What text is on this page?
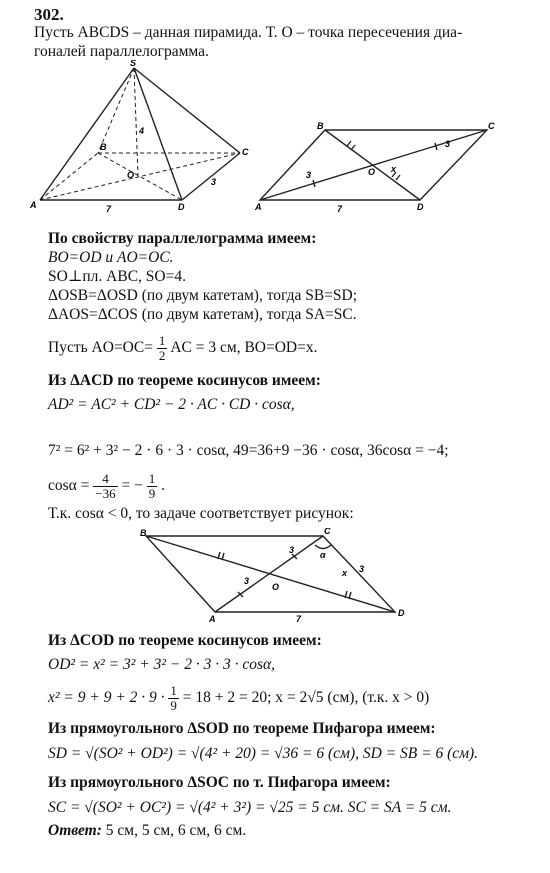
302.
Пусть ABCDS – данная пирамида. Т. O – точка пересечения диа-
гоналей параллелограмма.
S
A
B	C
D
O
4
7
3
B	C
A	D
O
3
3
x
7
По свойству параллелограмма имеем:
BO=OD и AO=OC.
SO⊥пл. ABC, SO=4.
ΔOSB=ΔOSD (по двум катетам), тогда SB=SD;
ΔAOS=ΔCOS (по двум катетам), тогда SA=SC.
Пусть $AO=OC= \frac{1}{2}$ AC = 3 см, BO=OD=x.
Из ΔACD по теореме косинусов имеем:
AD² = AC² + CD² − 2 · AC · CD · cosα,
7² = 6² + 3² − 2 · 6 · 3 · cosα, 49=36+9 −36 · cosα, 36cosα = −4;
$\cos\alpha = \frac{4}{-36}$ = − $\frac{1}{9}$ .
Т.к. cosα < 0, то задаче соответствует рисунок:
B	C
A
D
O
3
3
3
x
7
α
Из ΔCOD по теореме косинусов имеем:
OD² = x² = 3² + 3² − 2 · 3 · 3 · cosα,
$x^2 = 9 + 9 + 2 \cdot 9 \cdot \frac{1}{9} = 18 + 2 = 20$; x = 2√5 (см), (т.к. x > 0)
Из прямоугольного ΔSOD по теореме Пифагора имеем:
SD = √(SO² + OD²) = √(4² + 20) = √36 = 6 (см), SD = SB = 6 (см).
Из прямоугольного ΔSOC по т. Пифагора имеем:
SC = √(SO² + OC²) = √(4² + 3²) = √25 = 5 см. SC = SA = 5 см.
Ответ: 5 см, 5 см, 6 см, 6 см.
